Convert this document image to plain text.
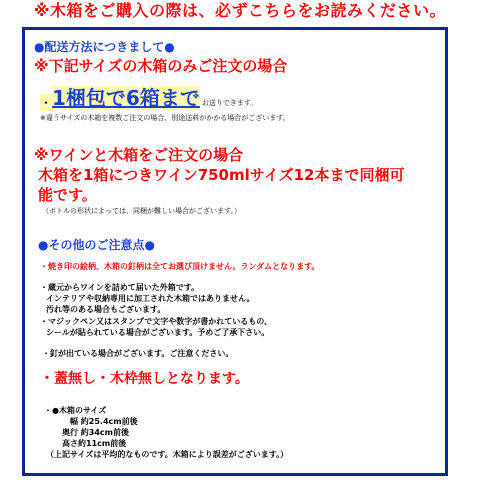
※木箱をご購入の際は、必ずこちらをお読みください。
●配送方法につきまして●
※下記サイズの木箱のみご注文の場合
・1梱包で6箱まで お送りできます。
※違うサイズの木箱を複数ご注文の場合、別途送料がかかる場合がございます。
※ワインと木箱をご注文の場合
木箱を1箱につきワイン750mlサイズ12本まで同梱可
能です。
（ボトルの形状によっては、同梱が難しい場合がございます。）
●その他のご注意点●
・焼き印の絵柄、木箱の釘柄は全てお選び頂けません。ランダムとなります。
・蔵元からワインを詰めて届いた外箱です。
インテリアや収納専用に加工された木箱ではありません。
汚れ等のある場合もございます。
・マジックペン又はスタンプで文字や数字が書かれているもの、
シールが貼られている場合がございます。予めご了承下さい。
・釘が出ている場合がございます。ご注意ください。
・蓋無し・木枠無しとなります。
・●木箱のサイズ
幅 約25.4cm前後
奥行 約34cm前後
高さ約11cm前後
（上記サイズは平均的なものです。木箱により誤差がございます。）
